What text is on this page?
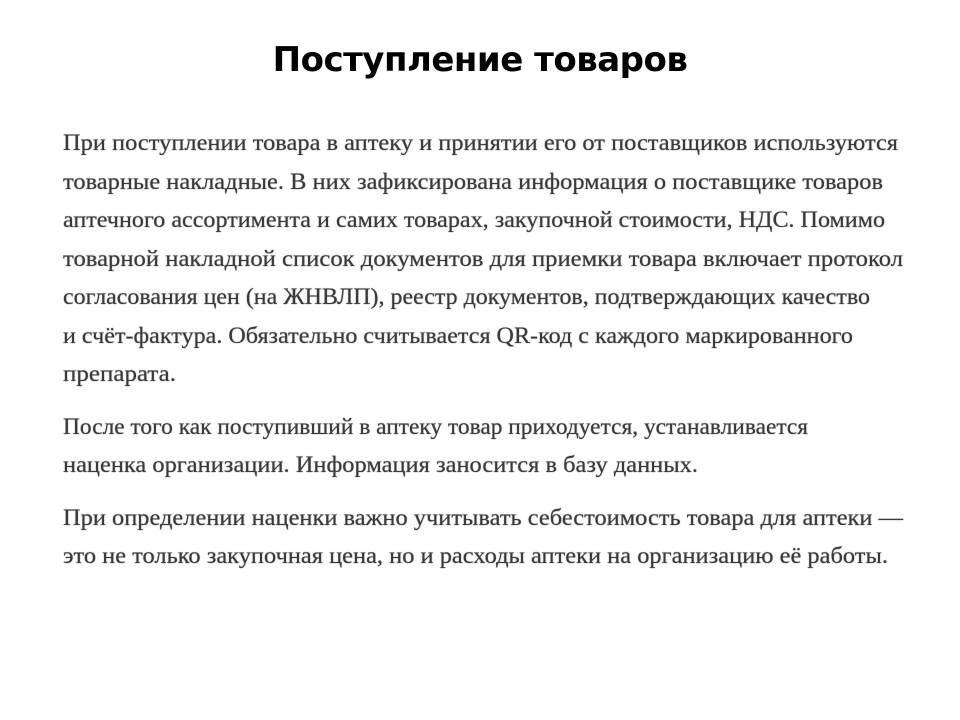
Поступление товаров

При поступлении товара в аптеку и принятии его от поставщиков используются
товарные накладные. В них зафиксирована информация о поставщике товаров
аптечного ассортимента и самих товарах, закупочной стоимости, НДС. Помимо
товарной накладной список документов для приемки товара включает протокол
согласования цен (на ЖНВЛП), реестр документов, подтверждающих качество
и счёт-фактура. Обязательно считывается QR-код с каждого маркированного
препарата.

После того как поступивший в аптеку товар приходуется, устанавливается
наценка организации. Информация заносится в базу данных.

При определении наценки важно учитывать себестоимость товара для аптеки —
это не только закупочная цена, но и расходы аптеки на организацию её работы.
